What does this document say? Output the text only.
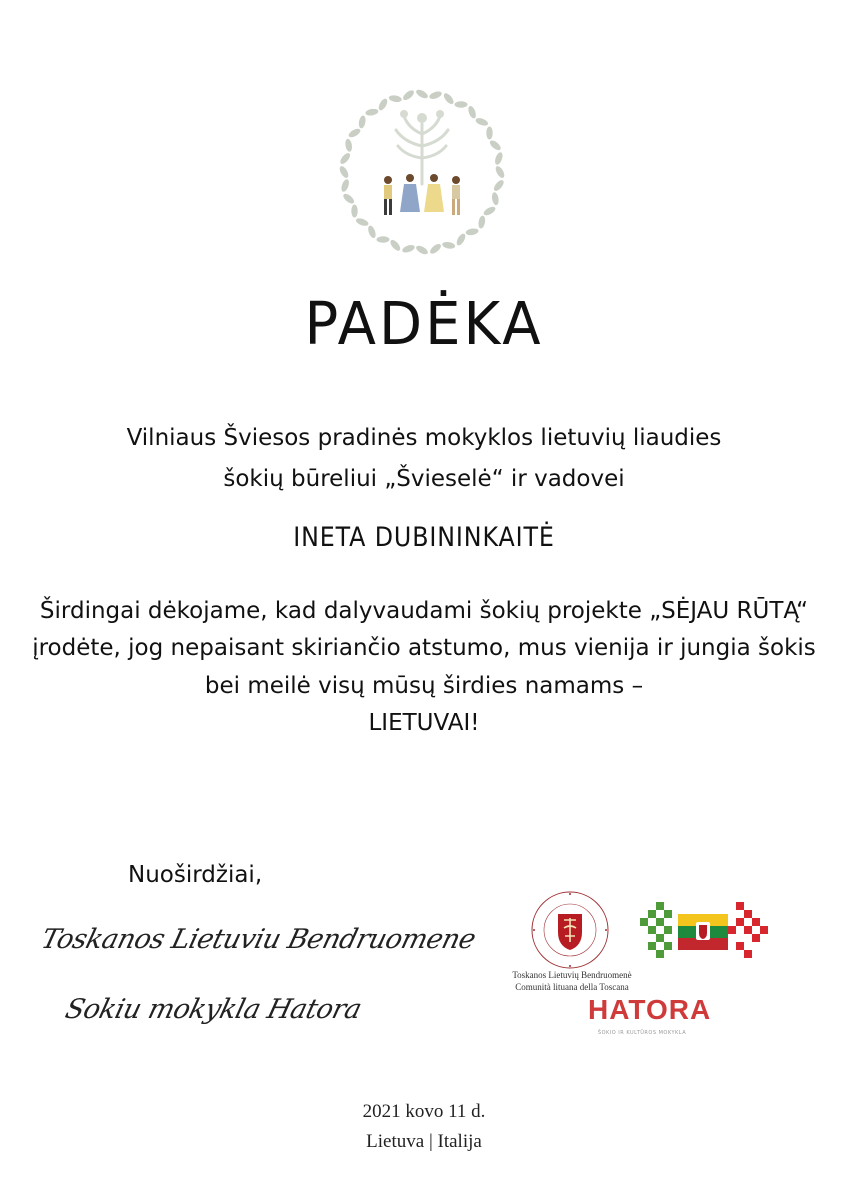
PADĖKA
Vilniaus Šviesos pradinės mokyklos lietuvių liaudies
šokių būreliui „Švieselė“ ir vadovei
INETA DUBININKAITĖ
Širdingai dėkojame, kad dalyvaudami šokių projekte „SĖJAU RŪTĄ“
įrodėte, jog nepaisant skiriančio atstumo, mus vienija ir jungia šokis
bei meilė visų mūsų širdies namams –
LIETUVAI!
Nuoširdžiai,
Toskanos Lietuviu Bendruomene
Sokiu mokykla Hatora
Toskanos Lietuvių Bendruomenė
Comunità lituana della Toscana
HATORA
ŠOKIO IR KULTŪROS MOKYKLA
2021 kovo 11 d.
Lietuva | Italija
